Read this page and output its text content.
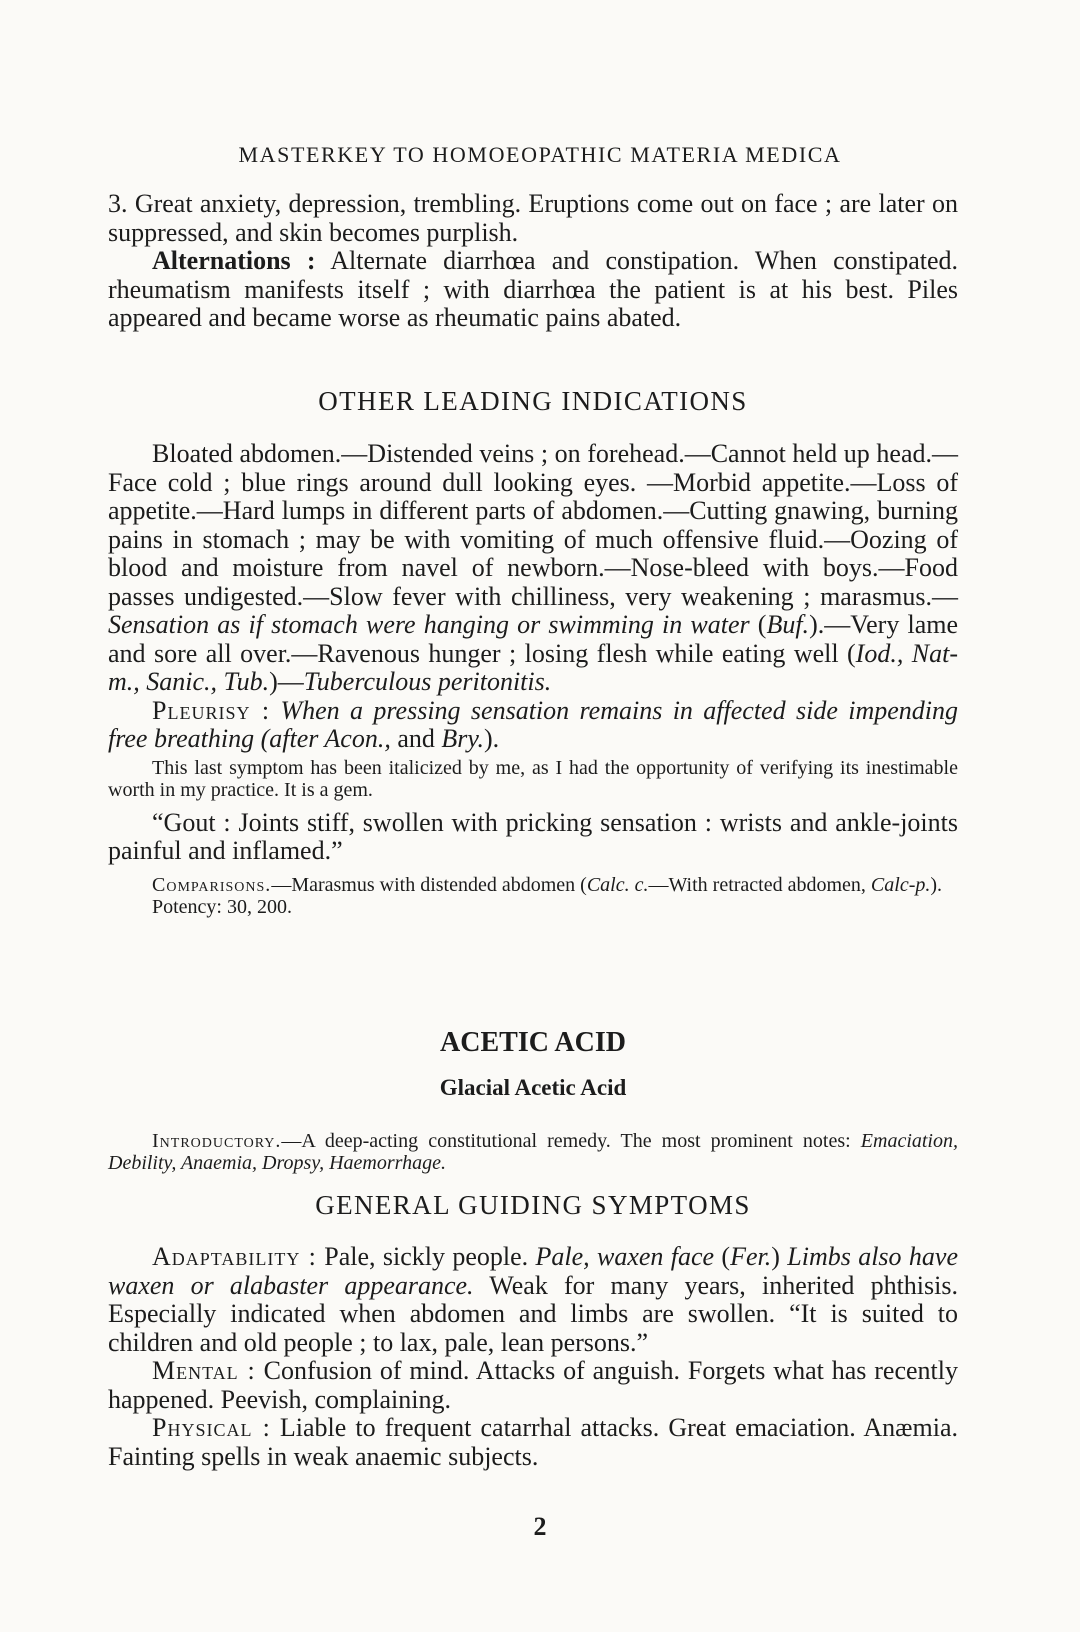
MASTERKEY TO HOMOEOPATHIC MATERIA MEDICA

3. Great anxiety, depression, trembling. Eruptions come out on face ; are later on suppressed, and skin becomes purplish.

Alternations : Alternate diarrhœa and constipation. When constipated. rheumatism manifests itself ; with diarrhœa the patient is at his best. Piles appeared and became worse as rheumatic pains abated.

OTHER LEADING INDICATIONS

Bloated abdomen.—Distended veins ; on forehead.—Cannot held up head.—Face cold ; blue rings around dull looking eyes. —Morbid appetite.—Loss of appetite.—Hard lumps in different parts of abdomen.—Cutting gnawing, burning pains in stomach ; may be with vomiting of much offensive fluid.—Oozing of blood and moisture from navel of newborn.—Nose-bleed with boys.—Food passes undigested.—Slow fever with chilliness, very weakening ; marasmus.—Sensation as if stomach were hanging or swimming in water (Buf.).—Very lame and sore all over.—Ravenous hunger ; losing flesh while eating well (Iod., Nat-m., Sanic., Tub.)—Tuberculous peritonitis.

Pleurisy : When a pressing sensation remains in affected side impending free breathing (after Acon., and Bry.).

This last symptom has been italicized by me, as I had the opportunity of verifying its inestimable worth in my practice. It is a gem.

“Gout : Joints stiff, swollen with pricking sensation : wrists and ankle-joints painful and inflamed.”

Comparisons.—Marasmus with distended abdomen (Calc. c.—With retracted abdomen, Calc-p.).

Potency: 30, 200.

ACETIC ACID
Glacial Acetic Acid

Introductory.—A deep-acting constitutional remedy. The most prominent notes: Emaciation, Debility, Anaemia, Dropsy, Haemorrhage.

GENERAL GUIDING SYMPTOMS

Adaptability : Pale, sickly people. Pale, waxen face (Fer.) Limbs also have waxen or alabaster appearance. Weak for many years, inherited phthisis. Especially indicated when abdomen and limbs are swollen. “It is suited to children and old people ; to lax, pale, lean persons.”

Mental : Confusion of mind. Attacks of anguish. Forgets what has recently happened. Peevish, complaining.

Physical : Liable to frequent catarrhal attacks. Great emaciation. Anæmia. Fainting spells in weak anaemic subjects.

2
